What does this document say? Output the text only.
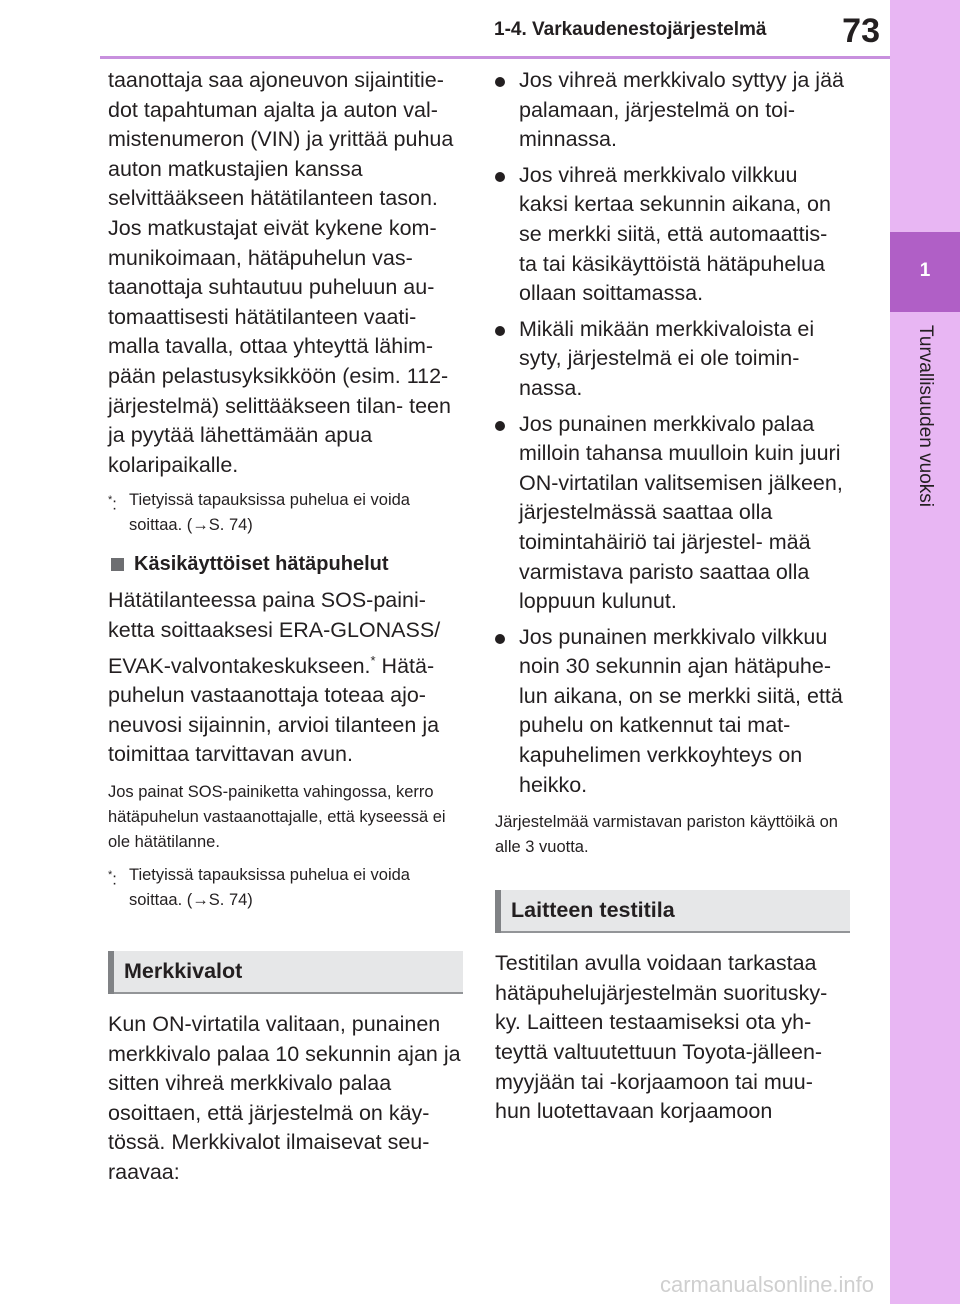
1-4. Varkaudenestojärjestelmä	73
1
Turvallisuuden vuoksi

taanottaja saa ajoneuvon sijaintitie- dot tapahtuman ajalta ja auton val- mistenumeron (VIN) ja yrittää puhua auton matkustajien kanssa selvittääkseen hätätilanteen tason. Jos matkustajat eivät kykene kom- munikoimaan, hätäpuhelun vas- taanottaja suhtautuu puheluun au- tomaattisesti hätätilanteen vaati- malla tavalla, ottaa yhteyttä lähim- pään pelastusyksikköön (esim. 112-järjestelmä) selittääkseen tilan- teen ja pyytää lähettämään apua kolaripaikalle.

*: Tietyissä tapauksissa puhelua ei voida soittaa. (→S. 74)
Käsikäyttöiset hätäpuhelut

Hätätilanteessa paina SOS-paini- ketta soittaaksesi ERA-GLONASS/ EVAK-valvontakeskukseen.* Hätä- puhelun vastaanottaja toteaa ajo- neuvosi sijainnin, arvioi tilanteen ja toimittaa tarvittavan avun.

Jos painat SOS-painiketta vahingossa, kerro hätäpuhelun vastaanottajalle, että kyseessä ei ole hätätilanne.

*: Tietyissä tapauksissa puhelua ei voida soittaa. (→S. 74)
Merkkivalot

Kun ON-virtatila valitaan, punainen merkkivalo palaa 10 sekunnin ajan ja sitten vihreä merkkivalo palaa osoittaen, että järjestelmä on käy- tössä. Merkkivalot ilmaisevat seu- raavaa:

Jos vihreä merkkivalo syttyy ja jää palamaan, järjestelmä on toi- minnassa.
Jos vihreä merkkivalo vilkkuu kaksi kertaa sekunnin aikana, on se merkki siitä, että automaattis- ta tai käsikäyttöistä hätäpuhelua ollaan soittamassa.
Mikäli mikään merkkivaloista ei syty, järjestelmä ei ole toimin- nassa.
Jos punainen merkkivalo palaa milloin tahansa muulloin kuin juuri ON-virtatilan valitsemisen jälkeen, järjestelmässä saattaa olla toimintahäiriö tai järjestel- mää varmistava paristo saattaa olla loppuun kulunut.
Jos punainen merkkivalo vilkkuu noin 30 sekunnin ajan hätäpuhe- lun aikana, on se merkki siitä, että puhelu on katkennut tai mat- kapuhelimen verkkoyhteys on heikko.

Järjestelmää varmistavan pariston käyttöikä on alle 3 vuotta.

Laitteen testitila

Testitilan avulla voidaan tarkastaa hätäpuhelujärjestelmän suoritusky- ky. Laitteen testaamiseksi ota yh- teyttä valtuutettuun Toyota-jälleen- myyjään tai -korjaamoon tai muu- hun luotettavaan korjaamoon

carmanualsonline.info
